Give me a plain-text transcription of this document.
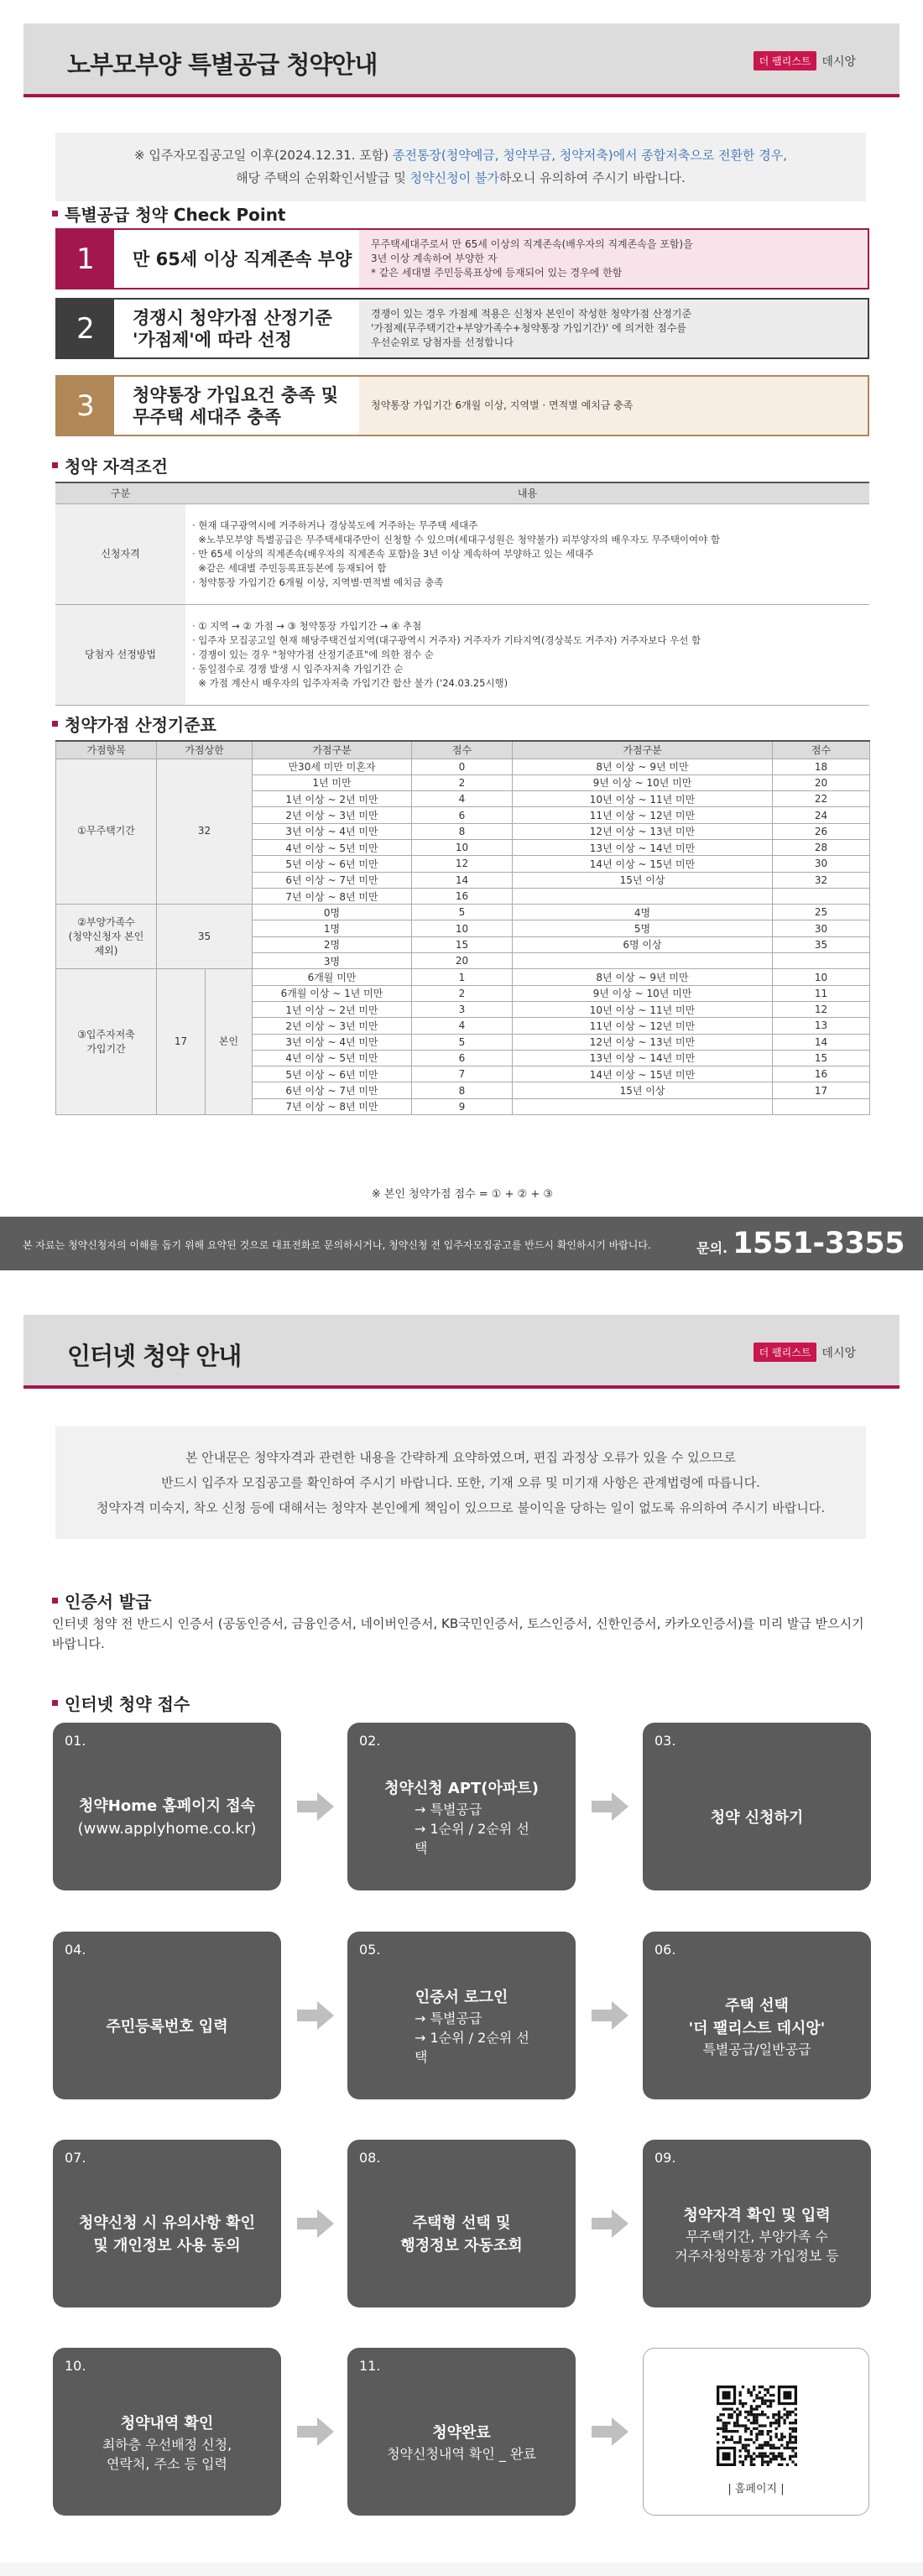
노부모부양 특별공급 청약안내	더 팰리스트 데시앙
※ 입주자모집공고일 이후(2024.12.31. 포함) 종전통장(청약예금, 청약부금, 청약저축)에서 종합저축으로 전환한 경우,
해당 주택의 순위확인서발급 및 청약신청이 불가하오니 유의하여 주시기 바랍니다.
특별공급 청약 Check Point
1	만 65세 이상 직계존속 부양
무주택세대주로서 만 65세 이상의 직계존속(배우자의 직계존속을 포함)을
3년 이상 계속하여 부양한 자
* 같은 세대별 주민등록표상에 등재되어 있는 경우에 한함
2	경쟁시 청약가점 산정기준
'가점제'에 따라 선정
경쟁이 있는 경우 가점제 적용은 신청자 본인이 작성한 청약가점 산정기준
'가점제(무주택기간+부양가족수+청약통장 가입기간)' 에 의거한 점수를
우선순위로 당첨자를 선정합니다
3	청약통장 가입요건 충족 및
무주택 세대주 충족
청약통장 가입기간 6개월 이상, 지역별 · 면적별 예치금 충족
청약 자격조건
구분	내용
신청자격	· 현재 대구광역시에 거주하거나 경상북도에 거주하는 무주택 세대주
※노부모부양 특별공급은 무주택세대주만이 신청할 수 있으며(세대구성원은 청약불가) 피부양자의 배우자도 무주택이여야 함
· 만 65세 이상의 직계존속(배우자의 직계존속 포함)을 3년 이상 계속하여 부양하고 있는 세대주
※같은 세대별 주민등록표등본에 등재되어 함
· 청약통장 가입기간 6개월 이상, 지역별·면적별 예치금 충족

당첨자 선정방법	· ① 지역 → ② 가점 → ③ 청약통장 가입기간 → ④ 추첨
· 입주자 모집공고일 현재 해당주택건설지역(대구광역시 거주자) 거주자가 기타지역(경상북도 거주자) 거주자보다 우선 함
· 경쟁이 있는 경우 "청약가점 산정기준표"에 의한 점수 순
· 동일점수로 경쟁 발생 시 입주자저축 가입기간 순
※ 가점 계산시 배우자의 입주자저축 가입기간 합산 불가 ('24.03.25시행)
청약가점 산정기준표
가점항목	가점상한		가점구분	점수	가점구분	점수
①무주택기간	32		만30세 미만 미혼자	0	8년 이상 ~ 9년 미만	18
			1년 미만	2	9년 이상 ~ 10년 미만	20
			1년 이상 ~ 2년 미만	4	10년 이상 ~ 11년 미만	22
			2년 이상 ~ 3년 미만	6	11년 이상 ~ 12년 미만	24
			3년 이상 ~ 4년 미만	8	12년 이상 ~ 13년 미만	26
			4년 이상 ~ 5년 미만	10	13년 이상 ~ 14년 미만	28
			5년 이상 ~ 6년 미만	12	14년 이상 ~ 15년 미만	30
			6년 이상 ~ 7년 미만	14	15년 이상	32
			7년 이상 ~ 8년 미만	16		
②부양가족수
(청약신청자 본인
제외)	35		0명	5	4명	25
			1명	10	5명	30
			2명	15	6명 이상	35
			3명	20		
③입주자저축
가입기간	17	본인	6개월 미만	1	8년 이상 ~ 9년 미만	10
			6개월 이상 ~ 1년 미만	2	9년 이상 ~ 10년 미만	11
			1년 이상 ~ 2년 미만	3	10년 이상 ~ 11년 미만	12
			2년 이상 ~ 3년 미만	4	11년 이상 ~ 12년 미만	13
			3년 이상 ~ 4년 미만	5	12년 이상 ~ 13년 미만	14
			4년 이상 ~ 5년 미만	6	13년 이상 ~ 14년 미만	15
			5년 이상 ~ 6년 미만	7	14년 이상 ~ 15년 미만	16
			6년 이상 ~ 7년 미만	8	15년 이상	17
			7년 이상 ~ 8년 미만	9		
※ 본인 청약가점 점수 = ① + ② + ③
본 자료는 청약신청자의 이해를 돕기 위해 요약된 것으로 대표전화로 문의하시거나, 청약신청 전 입주자모집공고를 반드시 확인하시기 바랍니다.	문의. 1551-3355
인터넷 청약 안내	더 팰리스트 데시앙
본 안내문은 청약자격과 관련한 내용을 간략하게 요약하였으며, 편집 과정상 오류가 있을 수 있으므로
반드시 입주자 모집공고를 확인하여 주시기 바랍니다. 또한, 기재 오류 및 미기재 사항은 관계법령에 따릅니다.
청약자격 미숙지, 착오 신청 등에 대해서는 청약자 본인에게 책임이 있으므로 불이익을 당하는 일이 없도록 유의하여 주시기 바랍니다.
인증서 발급
인터넷 청약 전 반드시 인증서 (공동인증서, 금융인증서, 네이버인증서, KB국민인증서, 토스인증서, 신한인증서, 카카오인증서)를 미리 발급 받으시기 바랍니다.
인터넷 청약 접수
01.
청약Home 홈페이지 접속
(www.applyhome.co.kr)
02.
청약신청 APT(아파트)
→ 특별공급
→ 1순위 / 2순위 선택
03.
청약 신청하기
04.
주민등록번호 입력
05.
인증서 로그인
→ 특별공급
→ 1순위 / 2순위 선택
06.
주택 선택
'더 팰리스트 데시앙'
특별공급/일반공급
07.
청약신청 시 유의사항 확인
및 개인정보 사용 동의
08.
주택형 선택 및
행정정보 자동조회
09.
청약자격 확인 및 입력
무주택기간, 부양가족 수
거주자청약통장 가입정보 등
10.
청약내역 확인
최하층 우선배정 신청,
연락처, 주소 등 입력
11.
청약완료
청약신청내역 확인 _ 완료
| 홈페이지 |
